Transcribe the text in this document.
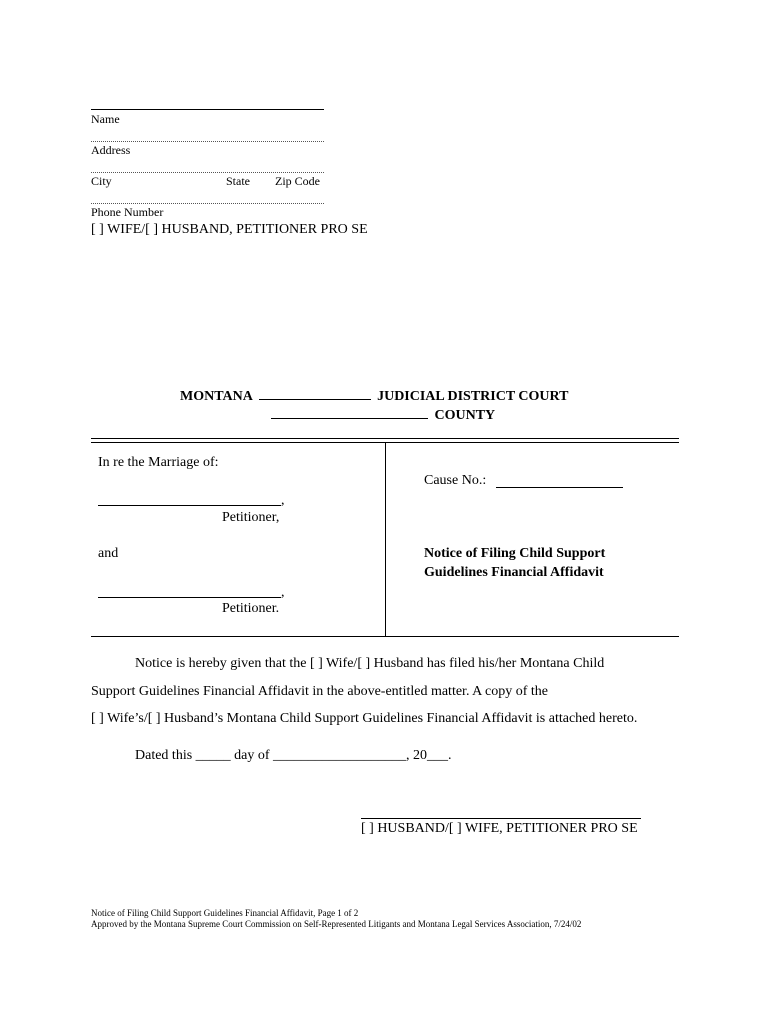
Name
Address
City	State Zip Code
Phone Number
[ ] WIFE/[ ] HUSBAND, PETITIONER PRO SE
MONTANA	JUDICIAL DISTRICT COURT
COUNTY
In re the Marriage of:
,
Petitioner,
and
,
Petitioner.
Cause No.:
Notice of Filing Child Support
Guidelines Financial Affidavit
Notice is hereby given that the [ ] Wife/[ ] Husband has filed his/her Montana Child
Support Guidelines Financial Affidavit in the above-entitled matter. A copy of the
[ ] Wife’s/[ ] Husband’s Montana Child Support Guidelines Financial Affidavit is attached hereto.
Dated this _____ day of ___________________, 20___.
[ ] HUSBAND/[ ] WIFE, PETITIONER PRO SE
Notice of Filing Child Support Guidelines Financial Affidavit, Page 1 of 2
Approved by the Montana Supreme Court Commission on Self-Represented Litigants and Montana Legal Services Association, 7/24/02
